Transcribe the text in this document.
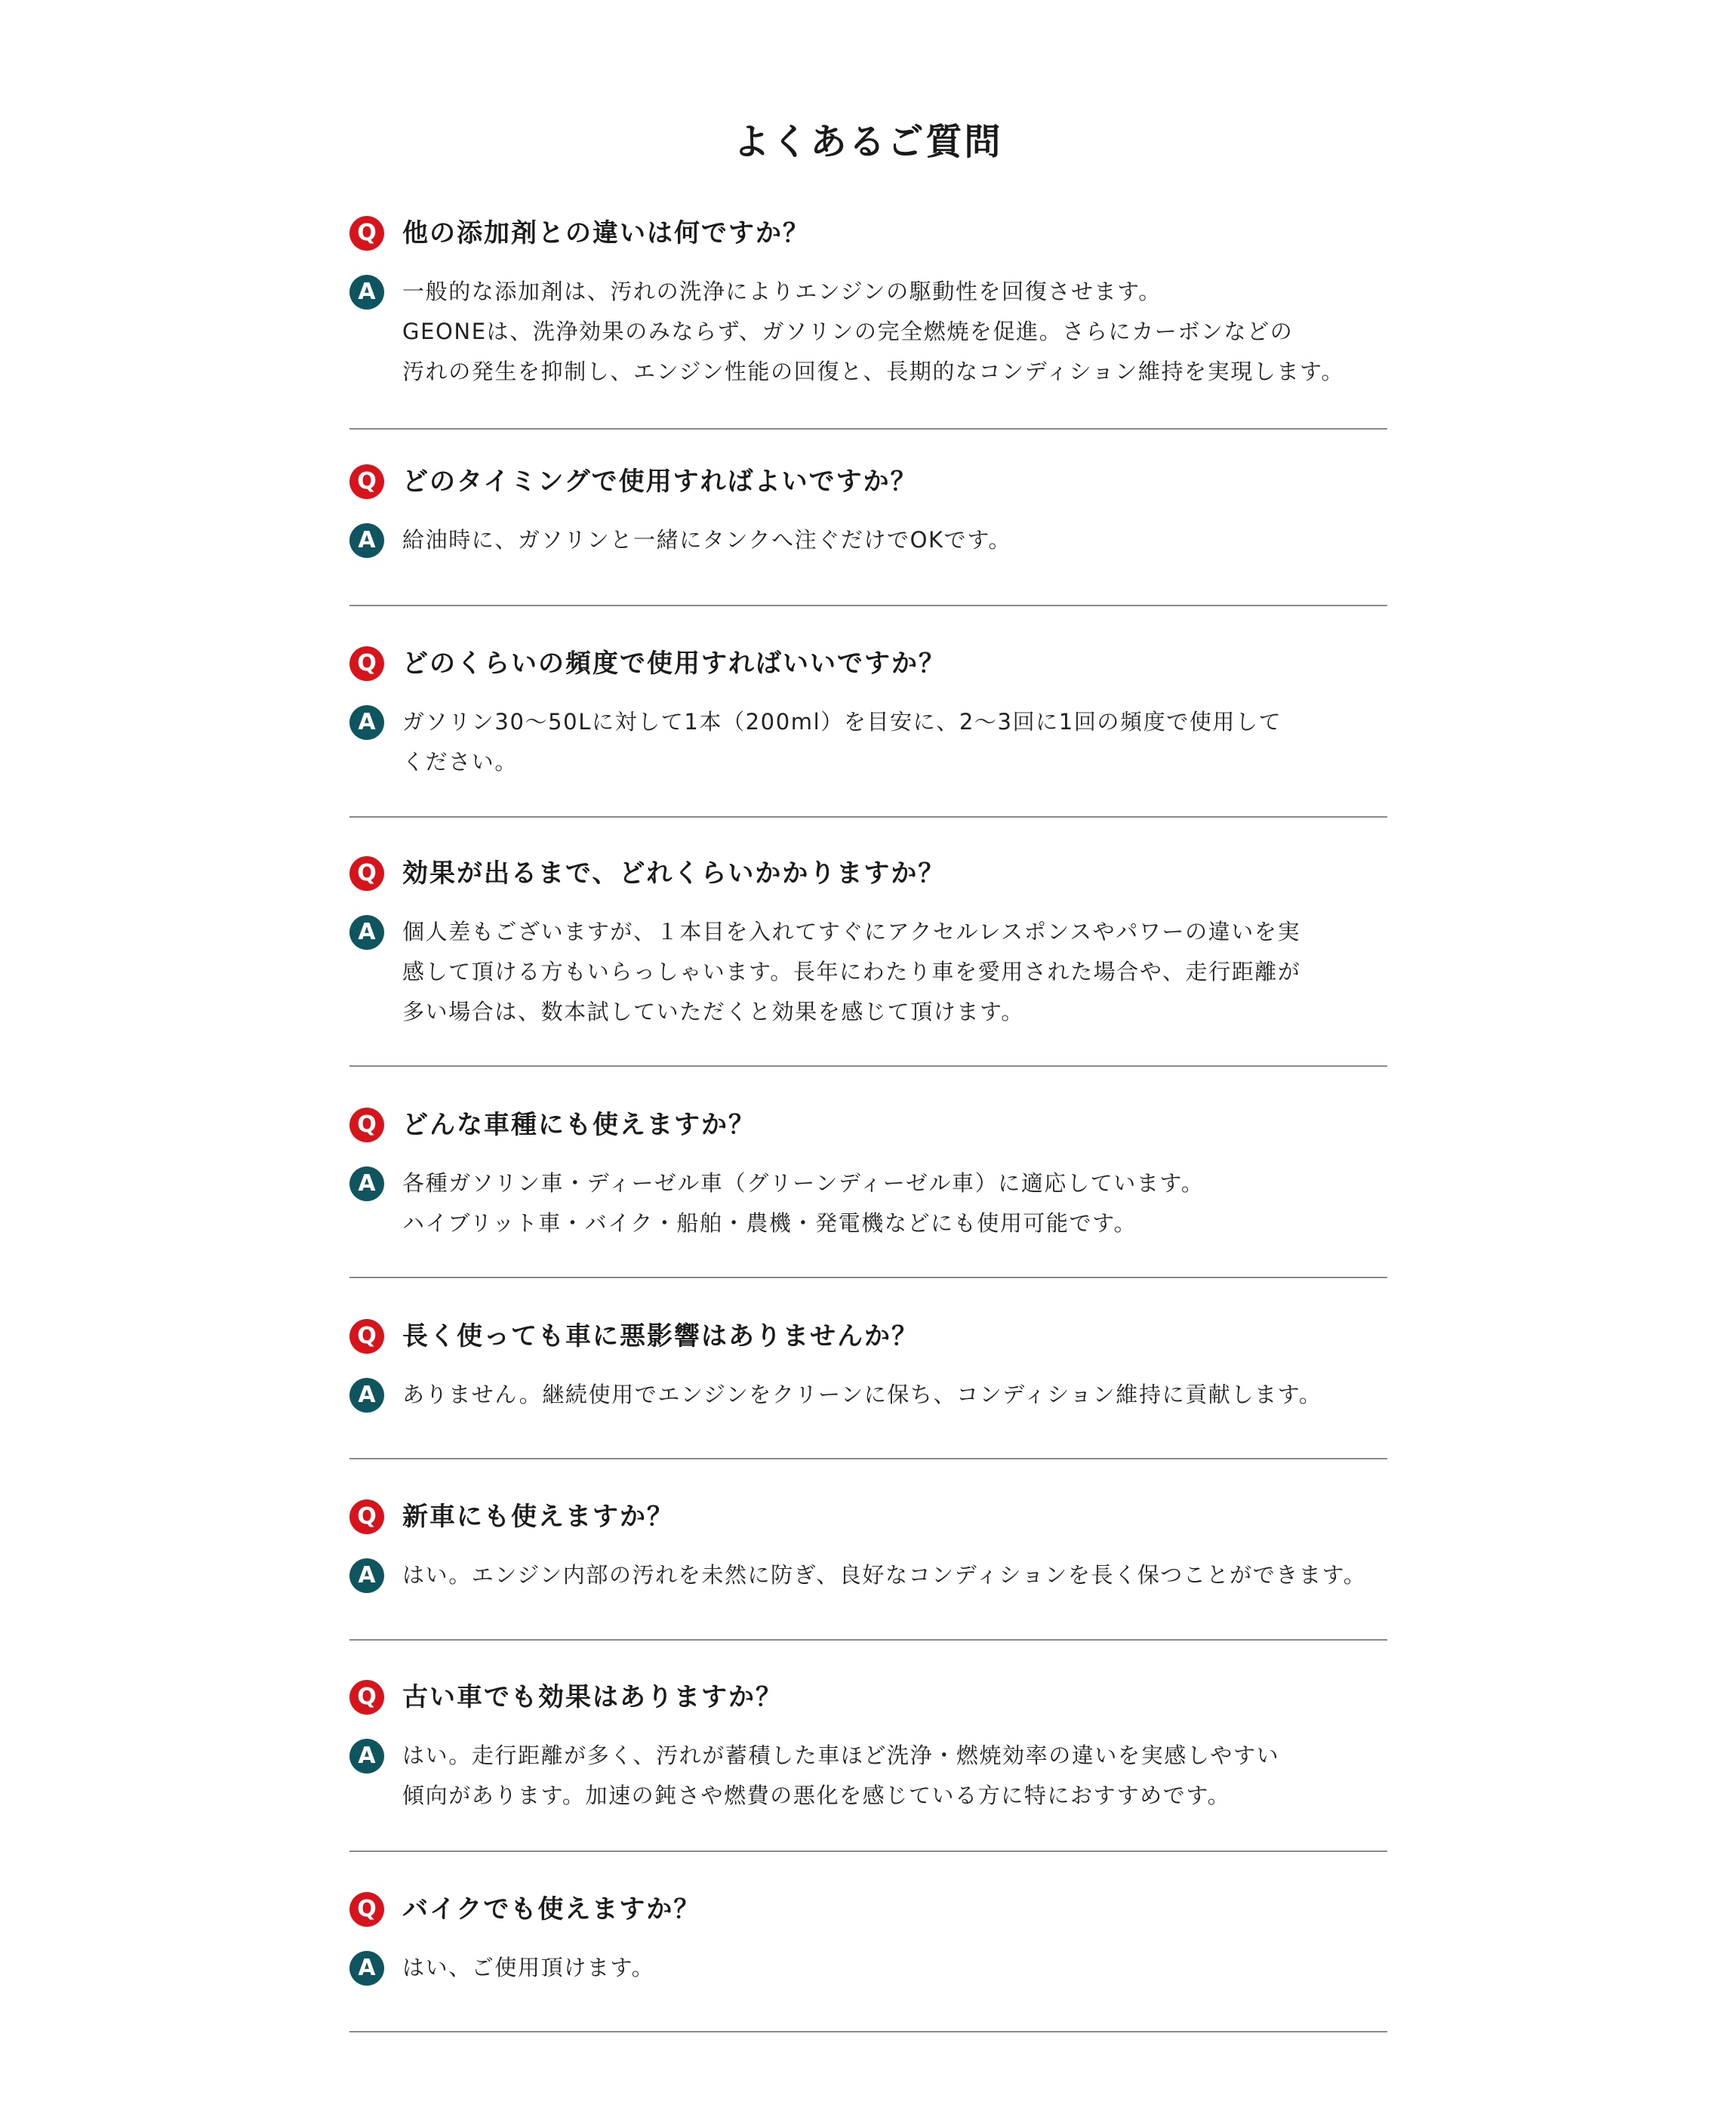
よくあるご質問
Q	他の添加剤との違いは何ですか？
A	一般的な添加剤は、汚れの洗浄によりエンジンの駆動性を回復させます。
GEONEは、洗浄効果のみならず、ガソリンの完全燃焼を促進。さらにカーボンなどの
汚れの発生を抑制し、エンジン性能の回復と、長期的なコンディション維持を実現します。
Q	どのタイミングで使用すればよいですか？
A	給油時に、ガソリンと一緒にタンクへ注ぐだけでOKです。
Q	どのくらいの頻度で使用すればいいですか？
A	ガソリン30〜50Lに対して1本（200ml）を目安に、2〜3回に1回の頻度で使用して
ください。
Q	効果が出るまで、どれくらいかかりますか？
A	個人差もございますが、１本目を入れてすぐにアクセルレスポンスやパワーの違いを実
感して頂ける方もいらっしゃいます。長年にわたり車を愛用された場合や、走行距離が
多い場合は、数本試していただくと効果を感じて頂けます。
Q	どんな車種にも使えますか？
A	各種ガソリン車・ディーゼル車（グリーンディーゼル車）に適応しています。
ハイブリット車・バイク・船舶・農機・発電機などにも使用可能です。
Q	長く使っても車に悪影響はありませんか？
A	ありません。継続使用でエンジンをクリーンに保ち、コンディション維持に貢献します。
Q	新車にも使えますか？
A	はい。エンジン内部の汚れを未然に防ぎ、良好なコンディションを長く保つことができます。
Q	古い車でも効果はありますか？
A	はい。走行距離が多く、汚れが蓄積した車ほど洗浄・燃焼効率の違いを実感しやすい
傾向があります。加速の鈍さや燃費の悪化を感じている方に特におすすめです。
Q	バイクでも使えますか？
A	はい、ご使用頂けます。
